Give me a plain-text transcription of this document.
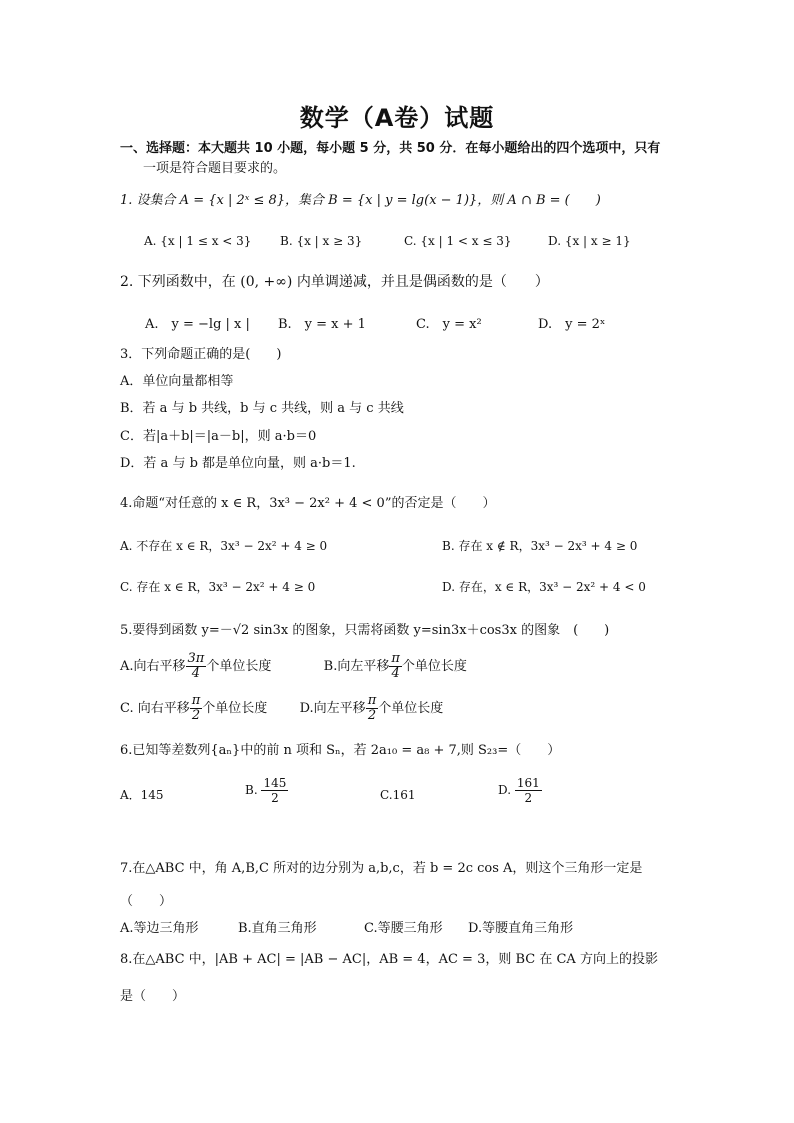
数学（A卷）试题
一、选择题：本大题共 10 小题，每小题 5 分，共 50 分．在每小题给出的四个选项中，只有
一项是符合题目要求的。
1. 设集合 A = {x | 2ˣ ≤ 8}，集合 B = {x | y = lg(x − 1)}，则 A ∩ B = (　　)
A. {x | 1 ≤ x < 3} B. {x | x ≥ 3}	C. {x | 1 < x ≤ 3}	D. {x | x ≥ 1}
2. 下列函数中，在 (0, +∞) 内单调递减，并且是偶函数的是（　　）
A.　y = −lg | x | B.　y = x + 1	C.　y = x²	D.　y = 2ˣ
3．下列命题正确的是(　　)
A．单位向量都相等
B．若 a 与 b 共线，b 与 c 共线，则 a 与 c 共线
C．若|a＋b|＝|a－b|，则 a·b＝0
D．若 a 与 b 都是单位向量，则 a·b＝1.
4.命题“对任意的 x ∈ R，3x³ − 2x² + 4 < 0”的否定是（　　）
A. 不存在 x ∈ R，3x³ − 2x² + 4 ≥ 0	B. 存在 x ∉ R，3x³ − 2x³ + 4 ≥ 0
C. 存在 x ∈ R，3x³ − 2x² + 4 ≥ 0	D. 存在，x ∈ R，3x³ − 2x² + 4 < 0
5.要得到函数 y=－√2 sin3x 的图象，只需将函数 y=sin3x＋cos3x 的图象　(　　)
A.向右平移 $\frac{3\pi}{4}$ 个单位长度	B.向左平移 $\frac{\pi}{4}$ 个单位长度
C. 向右平移 $\frac{\pi}{2}$ 个单位长度 D.向左平移 $\frac{\pi}{2}$ 个单位长度
6.已知等差数列{aₙ}中的前 n 项和 Sₙ，若 2a₁₀ = a₈ + 7,则 S₂₃=（　　）
A．145	B. $\frac{145}{2}$	C.161	D. $\frac{161}{2}$
7.在△ABC 中，角 A,B,C 所对的边分别为 a,b,c，若 b = 2c cos A，则这个三角形一定是
（　　）
A.等边三角形	B.直角三角形	C.等腰三角形 D.等腰直角三角形
8.在△ABC 中，|AB + AC| = |AB − AC|，AB = 4，AC = 3，则 BC 在 CA 方向上的投影
是（　　）
